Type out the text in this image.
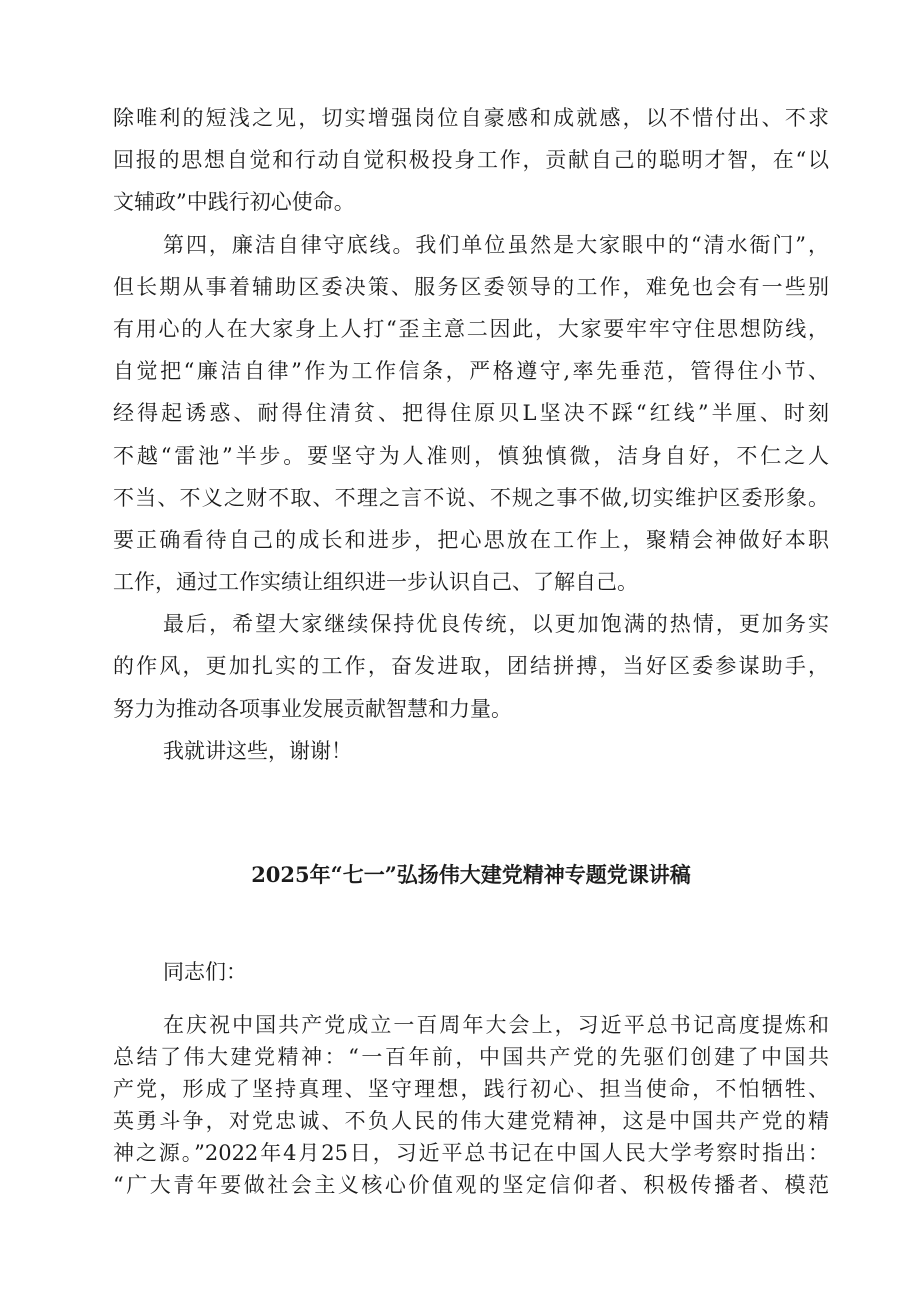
除唯利的短浅之见，切实增强岗位自豪感和成就感，以不惜付出、不求
回报的思想自觉和行动自觉积极投身工作，贡献自己的聪明才智，在“以
文辅政”中践行初心使命。
第四，廉洁自律守底线。我们单位虽然是大家眼中的“清水衙门”，
但长期从事着辅助区委决策、服务区委领导的工作，难免也会有一些别
有用心的人在大家身上人打“歪主意二因此，大家要牢牢守住思想防线，
自觉把“廉洁自律”作为工作信条，严格遵守,率先垂范，管得住小节、
经得起诱惑、耐得住清贫、把得住原贝L坚决不踩“红线”半厘、时刻
不越“雷池”半步。要坚守为人准则，慎独慎微，洁身自好，不仁之人
不当、不义之财不取、不理之言不说、不规之事不做,切实维护区委形象。
要正确看待自己的成长和进步，把心思放在工作上，聚精会神做好本职
工作，通过工作实绩让组织进一步认识自己、了解自己。
最后，希望大家继续保持优良传统，以更加饱满的热情，更加务实
的作风，更加扎实的工作，奋发进取，团结拼搏，当好区委参谋助手，
努力为推动各项事业发展贡献智慧和力量。
我就讲这些，谢谢！
2025年“七一”弘扬伟大建党精神专题党课讲稿
同志们：
在庆祝中国共产党成立一百周年大会上，习近平总书记高度提炼和
总结了伟大建党精神：“一百年前，中国共产党的先驱们创建了中国共
产党，形成了坚持真理、坚守理想，践行初心、担当使命，不怕牺牲、
英勇斗争，对党忠诚、不负人民的伟大建党精神，这是中国共产党的精
神之源。”2022年4月25日，习近平总书记在中国人民大学考察时指出：
“广大青年要做社会主义核心价值观的坚定信仰者、积极传播者、模范
